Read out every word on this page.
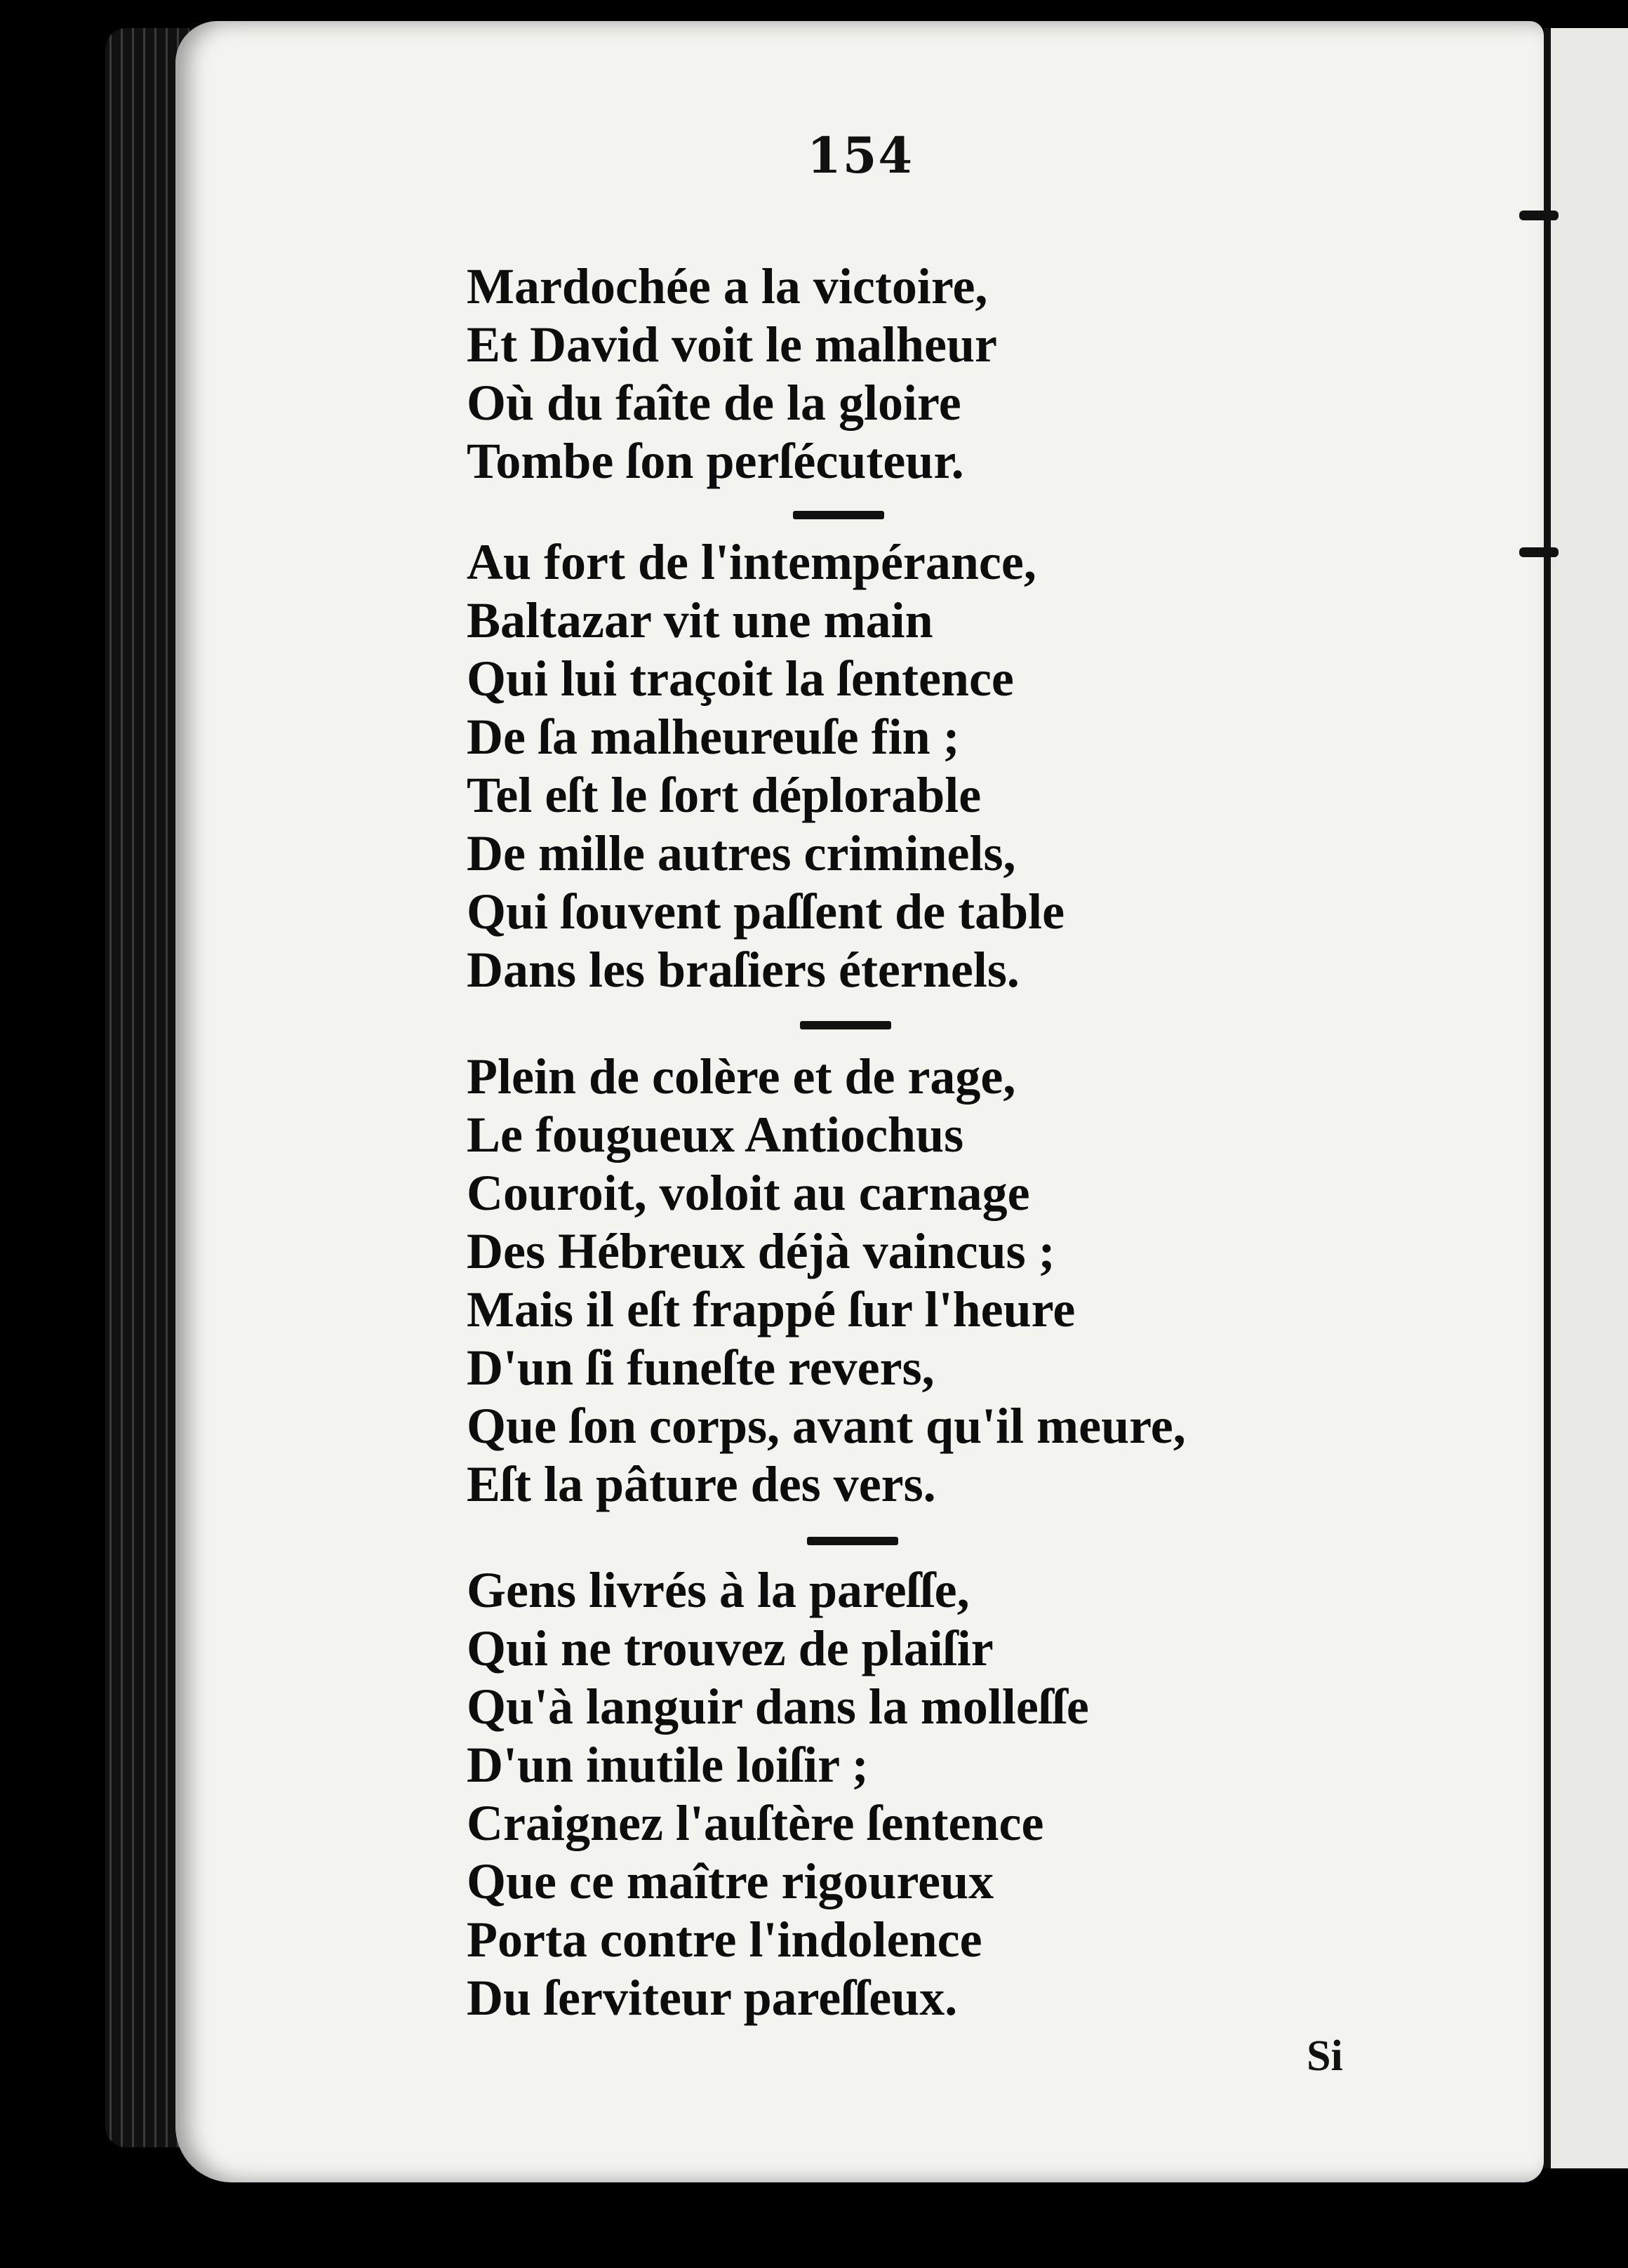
154
Mardochée a la victoire,
Et David voit le malheur
Où du faîte de la gloire
Tombe ſon perſécuteur.
Au fort de l'intempérance,
Baltazar vit une main
Qui lui traçoit la ſentence
De ſa malheureuſe fin ;
Tel eſt le ſort déplorable
De mille autres criminels,
Qui ſouvent paſſent de table
Dans les braſiers éternels.
Plein de colère et de rage,
Le fougueux Antiochus
Couroit, voloit au carnage
Des Hébreux déjà vaincus ;
Mais il eſt frappé ſur l'heure
D'un ſi funeſte revers,
Que ſon corps, avant qu'il meure,
Eſt la pâture des vers.
Gens livrés à la pareſſe,
Qui ne trouvez de plaiſir
Qu'à languir dans la molleſſe
D'un inutile loiſir ;
Craignez l'auſtère ſentence
Que ce maître rigoureux
Porta contre l'indolence
Du ſerviteur pareſſeux.
Si
